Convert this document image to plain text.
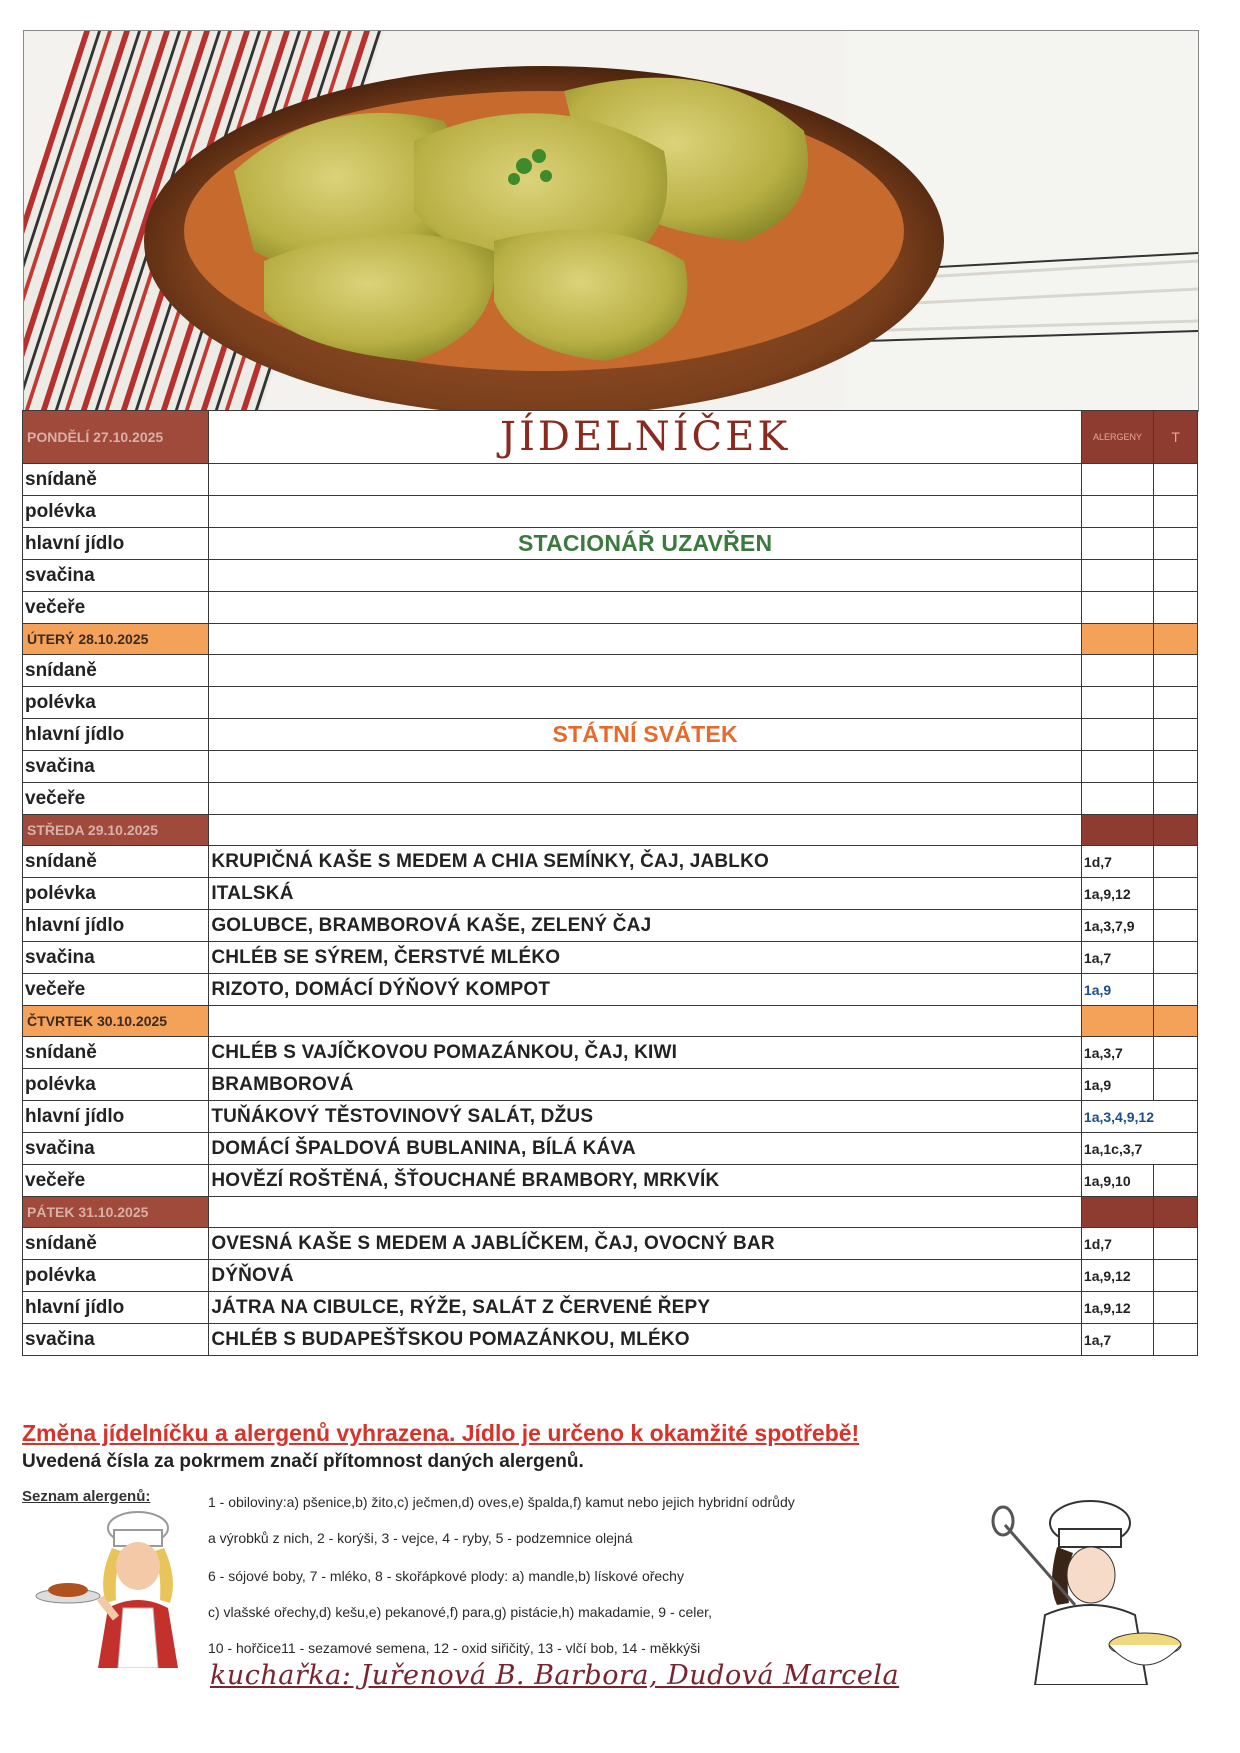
PONDĚLÍ 27.10.2025	JÍDELNÍČEK	ALERGENY	T

snídaně			
polévka			
hlavní jídlo	STACIONÁŘ UZAVŘEN		

svačina			
večeře			
ÚTERÝ 28.10.2025			
snídaně			
polévka			
hlavní jídlo	STÁTNÍ SVÁTEK		

svačina			
večeře			
STŘEDA 29.10.2025			
snídaně	KRUPIČNÁ KAŠE S MEDEM A CHIA SEMÍNKY, ČAJ, JABLKO	1d,7	
polévka	ITALSKÁ	1a,9,12	
hlavní jídlo	GOLUBCE, BRAMBOROVÁ KAŠE, ZELENÝ ČAJ	1a,3,7,9	
svačina	CHLÉB SE SÝREM, ČERSTVÉ MLÉKO	1a,7	
večeře	RIZOTO, DOMÁCÍ DÝŇOVÝ KOMPOT	1a,9	
ČTVRTEK 30.10.2025			
snídaně	CHLÉB S VAJÍČKOVOU POMAZÁNKOU, ČAJ, KIWI	1a,3,7	
polévka	BRAMBOROVÁ	1a,9	
hlavní jídlo	TUŇÁKOVÝ TĚSTOVINOVÝ SALÁT, DŽUS	1a,3,4,9,12	
svačina	DOMÁCÍ ŠPALDOVÁ BUBLANINA, BÍLÁ KÁVA	1a,1c,3,7	
večeře	HOVĚZÍ ROŠTĚNÁ, ŠŤOUCHANÉ BRAMBORY, MRKVÍK	1a,9,10	
PÁTEK 31.10.2025			
snídaně	OVESNÁ KAŠE S MEDEM A JABLÍČKEM, ČAJ, OVOCNÝ BAR	1d,7	
polévka	DÝŇOVÁ	1a,9,12	
hlavní jídlo	JÁTRA NA CIBULCE, RÝŽE, SALÁT Z ČERVENÉ ŘEPY	1a,9,12	
svačina	CHLÉB S BUDAPEŠŤSKOU POMAZÁNKOU, MLÉKO	1a,7	
Změna jídelníčku a alergenů vyhrazena. Jídlo je určeno k okamžité spotřebě!
Uvedená čísla za pokrmem značí přítomnost daných alergenů.
Seznam alergenů:	1 - obiloviny:a) pšenice,b) žito,c) ječmen,d) oves,e) špalda,f) kamut nebo jejich hybridní odrůdy
a výrobků z nich, 2 - korýši, 3 - vejce, 4 - ryby, 5 - podzemnice olejná
6 - sójové boby, 7 - mléko, 8 - skořápkové plody: a) mandle,b) lískové ořechy
c) vlašské ořechy,d) kešu,e) pekanové,f) para,g) pistácie,h) makadamie, 9 - celer,
10 - hořčice11 - sezamové semena, 12 - oxid siřičitý, 13 - vlčí bob, 14 - měkkýši
kuchařka: Juřenová B. Barbora, Dudová Marcela
